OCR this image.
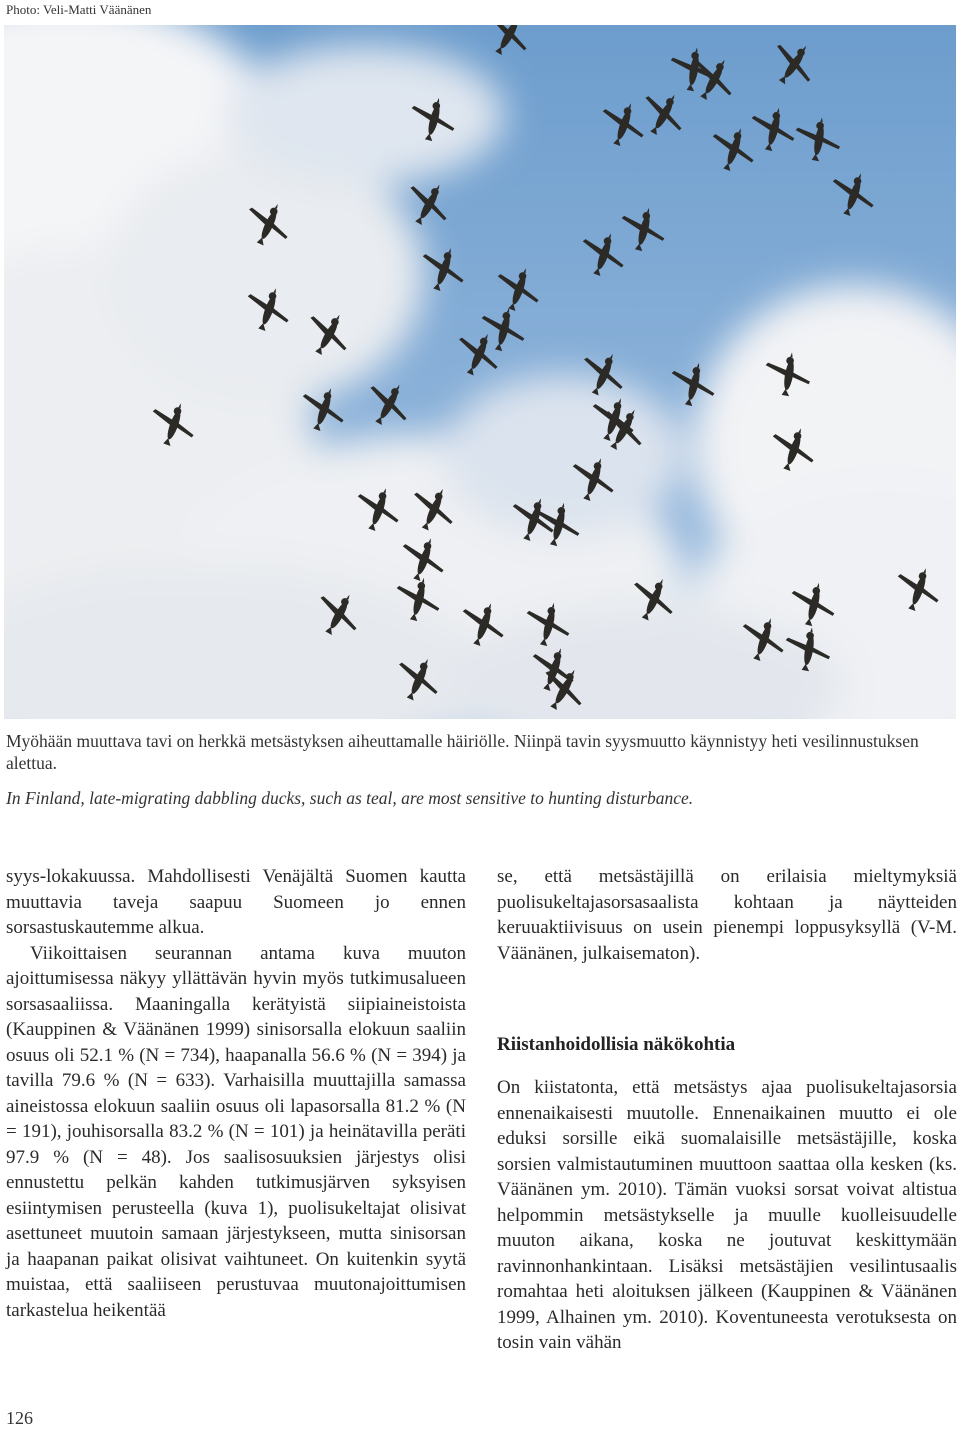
Photo: Veli-Matti Väänänen
Myöhään muuttava tavi on herkkä metsästyksen aiheuttamalle häiriölle. Niinpä tavin syysmuutto käynnistyy heti vesilinnustuksen alettua.
In Finland, late-migrating dabbling ducks, such as teal, are most sensitive to hunting disturbance.

syys-lokakuussa. Mahdollisesti Venäjältä Suomen kautta muuttavia taveja saapuu Suomeen jo ennen sorsastuskautemme alkua.

Viikoittaisen seurannan antama kuva muuton ajoittumisessa näkyy yllättävän hyvin myös tutkimusalueen sorsasaaliissa. Maaningalla kerätyistä siipiaineistoista (Kauppinen & Väänänen 1999) sinisorsalla elokuun saaliin osuus oli 52.1 % (N = 734), haapanalla 56.6 % (N = 394) ja tavilla 79.6 % (N = 633). Varhaisilla muuttajilla samassa aineistossa elokuun saaliin osuus oli lapasorsalla 81.2 % (N = 191), jouhisorsalla 83.2 % (N = 101) ja heinätavilla peräti 97.9 % (N = 48). Jos saalisosuuksien järjestys olisi ennustettu pelkän kahden tutkimusjärven syksyisen esiintymisen perusteella (kuva 1), puolisukeltajat olisivat asettuneet muutoin samaan järjestykseen, mutta sinisorsan ja haapanan paikat olisivat vaihtuneet. On kuitenkin syytä muistaa, että saaliiseen perustuvaa muutonajoittumisen tarkastelua heikentää

se, että metsästäjillä on erilaisia mieltymyksiä puolisukeltajasorsasaalista kohtaan ja näytteiden keruuaktiivisuus on usein pienempi loppusyksyllä (V-M. Väänänen, julkaisematon).

Riistanhoidollisia näkökohtia

On kiistatonta, että metsästys ajaa puolisukeltajasorsia ennenaikaisesti muutolle. Ennenaikainen muutto ei ole eduksi sorsille eikä suomalaisille metsästäjille, koska sorsien valmistautuminen muuttoon saattaa olla kesken (ks. Väänänen ym. 2010). Tämän vuoksi sorsat voivat altistua helpommin metsästykselle ja muulle kuolleisuudelle muuton aikana, koska ne joutuvat keskittymään ravinnonhankintaan. Lisäksi metsästäjien vesilintusaalis romahtaa heti aloituksen jälkeen (Kauppinen & Väänänen 1999, Alhainen ym. 2010). Koventuneesta verotuksesta on tosin vain vähän

126
